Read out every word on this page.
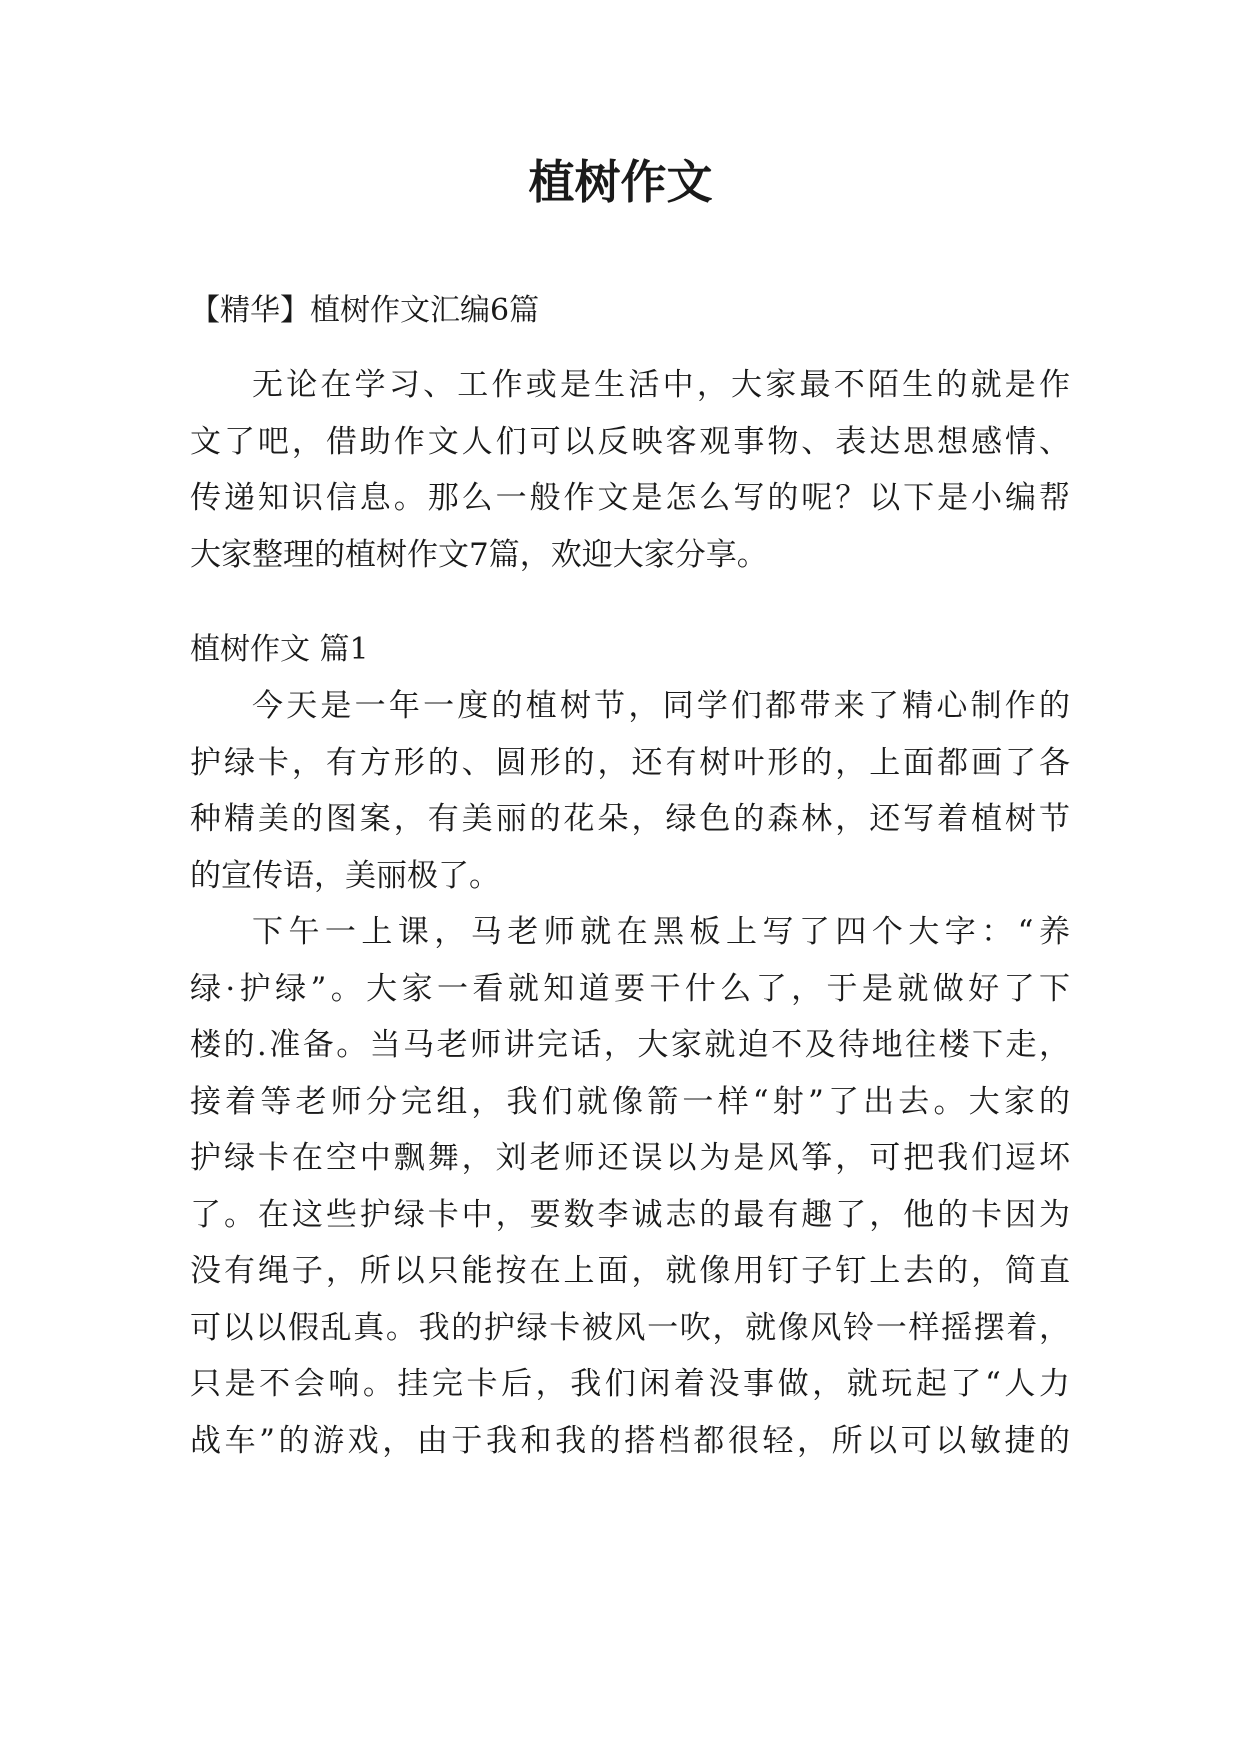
植树作文

【精华】植树作文汇编6篇

无论在学习、工作或是生活中，大家最不陌生的就是作

文了吧，借助作文人们可以反映客观事物、表达思想感情、

传递知识信息。那么一般作文是怎么写的呢？以下是小编帮

大家整理的植树作文7篇，欢迎大家分享。

植树作文 篇1

今天是一年一度的植树节，同学们都带来了精心制作的

护绿卡，有方形的、圆形的，还有树叶形的，上面都画了各

种精美的图案，有美丽的花朵，绿色的森林，还写着植树节

的宣传语，美丽极了。

下午一上课，马老师就在黑板上写了四个大字：“养

绿·护绿”。大家一看就知道要干什么了，于是就做好了下

楼的.准备。当马老师讲完话，大家就迫不及待地往楼下走，

接着等老师分完组，我们就像箭一样“射”了出去。大家的

护绿卡在空中飘舞，刘老师还误以为是风筝，可把我们逗坏

了。在这些护绿卡中，要数李诚志的最有趣了，他的卡因为

没有绳子，所以只能按在上面，就像用钉子钉上去的，简直

可以以假乱真。我的护绿卡被风一吹，就像风铃一样摇摆着，

只是不会响。挂完卡后，我们闲着没事做，就玩起了“人力

战车”的游戏，由于我和我的搭档都很轻，所以可以敏捷的
